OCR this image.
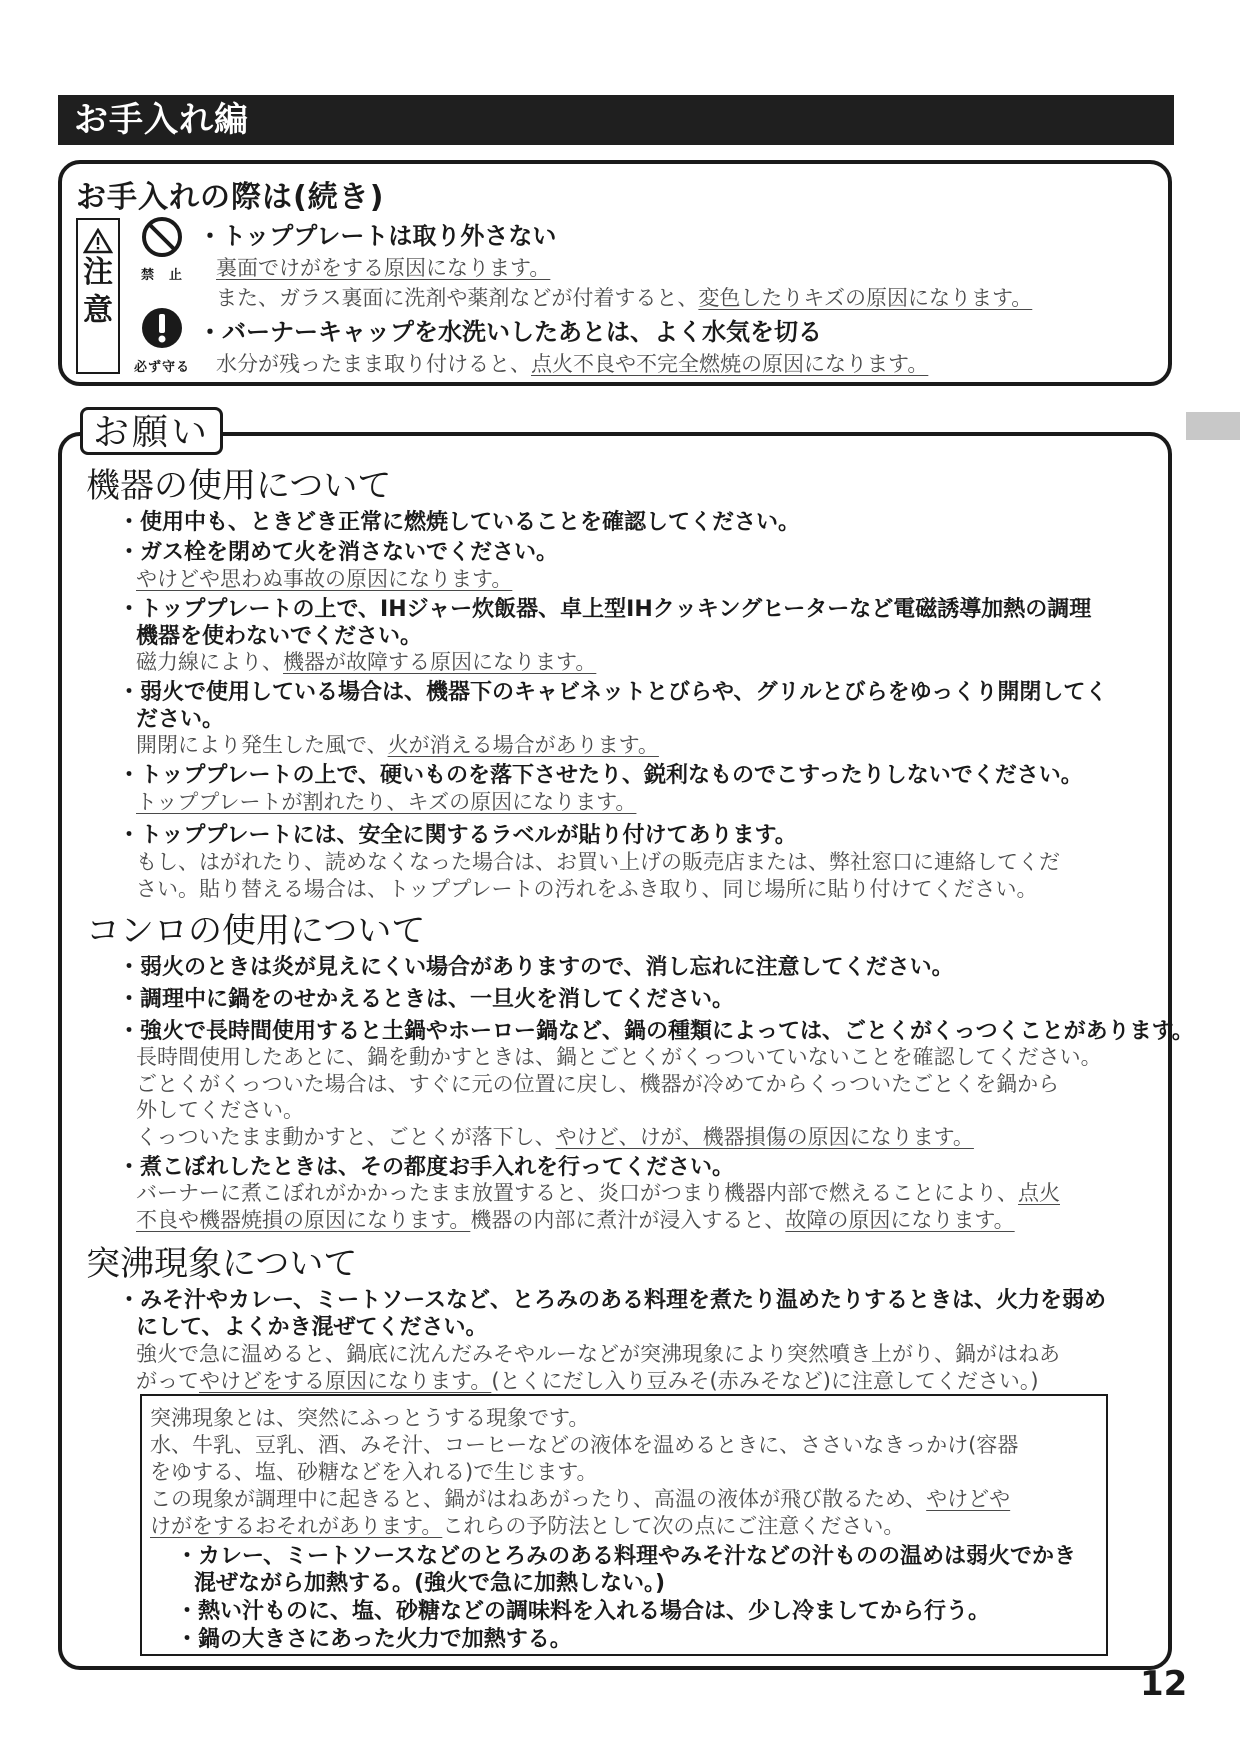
お手入れ編
お手入れの際は(続き)
注
意
禁　止
必ず守る
・トッププレートは取り外さない
裏面でけがをする原因になります。
また、ガラス裏面に洗剤や薬剤などが付着すると、変色したりキズの原因になります。
・バーナーキャップを水洗いしたあとは、よく水気を切る
水分が残ったまま取り付けると、点火不良や不完全燃焼の原因になります。
お願い
機器の使用について
・使用中も、ときどき正常に燃焼していることを確認してください。
・ガス栓を閉めて火を消さないでください。
やけどや思わぬ事故の原因になります。
・トッププレートの上で、IHジャー炊飯器、卓上型IHクッキングヒーターなど電磁誘導加熱の調理
機器を使わないでください。
磁力線により、機器が故障する原因になります。
・弱火で使用している場合は、機器下のキャビネットとびらや、グリルとびらをゆっくり開閉してく
ださい。
開閉により発生した風で、火が消える場合があります。
・トッププレートの上で、硬いものを落下させたり、鋭利なものでこすったりしないでください。
トッププレートが割れたり、キズの原因になります。
・トッププレートには、安全に関するラベルが貼り付けてあります。
もし、はがれたり、読めなくなった場合は、お買い上げの販売店または、弊社窓口に連絡してくだ
さい。貼り替える場合は、トッププレートの汚れをふき取り、同じ場所に貼り付けてください。
コンロの使用について
・弱火のときは炎が見えにくい場合がありますので、消し忘れに注意してください。
・調理中に鍋をのせかえるときは、一旦火を消してください。
・強火で長時間使用すると土鍋やホーロー鍋など、鍋の種類によっては、ごとくがくっつくことがあります。
長時間使用したあとに、鍋を動かすときは、鍋とごとくがくっついていないことを確認してください。
ごとくがくっついた場合は、すぐに元の位置に戻し、機器が冷めてからくっついたごとくを鍋から
外してください。
くっついたまま動かすと、ごとくが落下し、やけど、けが、機器損傷の原因になります。
・煮こぼれしたときは、その都度お手入れを行ってください。
バーナーに煮こぼれがかかったまま放置すると、炎口がつまり機器内部で燃えることにより、点火
不良や機器焼損の原因になります。機器の内部に煮汁が浸入すると、故障の原因になります。
突沸現象について
・みそ汁やカレー、ミートソースなど、とろみのある料理を煮たり温めたりするときは、火力を弱め
にして、よくかき混ぜてください。
強火で急に温めると、鍋底に沈んだみそやルーなどが突沸現象により突然噴き上がり、鍋がはねあ
がってやけどをする原因になります。(とくにだし入り豆みそ(赤みそなど)に注意してください。)
突沸現象とは、突然にふっとうする現象です。
水、牛乳、豆乳、酒、みそ汁、コーヒーなどの液体を温めるときに、ささいなきっかけ(容器
をゆする、塩、砂糖などを入れる)で生じます。
この現象が調理中に起きると、鍋がはねあがったり、高温の液体が飛び散るため、やけどや
けがをするおそれがあります。これらの予防法として次の点にご注意ください。
・カレー、ミートソースなどのとろみのある料理やみそ汁などの汁ものの温めは弱火でかき
混ぜながら加熱する。(強火で急に加熱しない。)
・熱い汁ものに、塩、砂糖などの調味料を入れる場合は、少し冷ましてから行う。
・鍋の大きさにあった火力で加熱する。
12
